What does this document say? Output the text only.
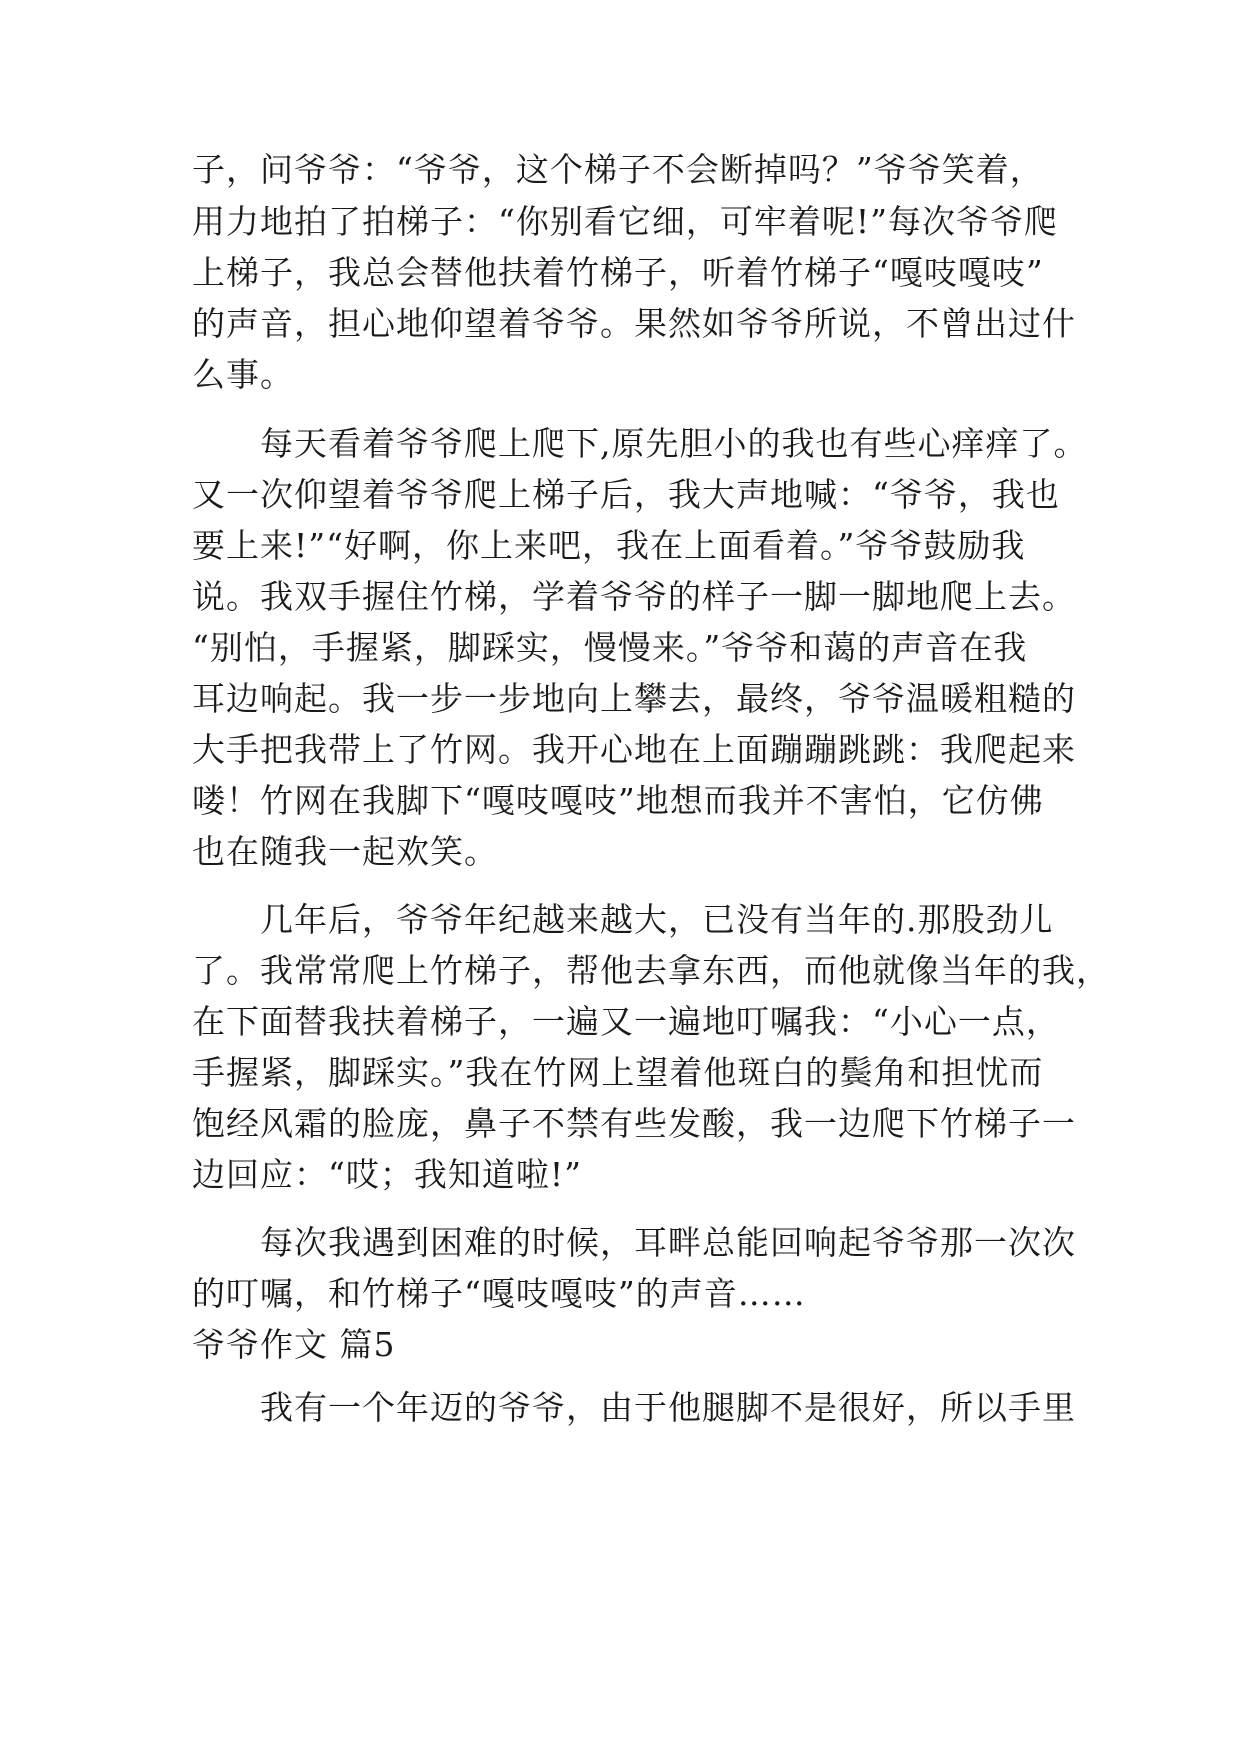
子，问爷爷：“爷爷，这个梯子不会断掉吗？”爷爷笑着，
用力地拍了拍梯子：“你别看它细，可牢着呢!”每次爷爷爬
上梯子，我总会替他扶着竹梯子，听着竹梯子“嘎吱嘎吱”
的声音，担心地仰望着爷爷。果然如爷爷所说，不曾出过什
么事。
　　每天看着爷爷爬上爬下,原先胆小的我也有些心痒痒了。
又一次仰望着爷爷爬上梯子后，我大声地喊：“爷爷，我也
要上来!”“好啊，你上来吧，我在上面看着。”爷爷鼓励我
说。我双手握住竹梯，学着爷爷的样子一脚一脚地爬上去。
“别怕，手握紧，脚踩实，慢慢来。”爷爷和蔼的声音在我
耳边响起。我一步一步地向上攀去，最终，爷爷温暖粗糙的
大手把我带上了竹网。我开心地在上面蹦蹦跳跳：我爬起来
喽！竹网在我脚下“嘎吱嘎吱”地想而我并不害怕，它仿佛
也在随我一起欢笑。
　　几年后，爷爷年纪越来越大，已没有当年的.那股劲儿
了。我常常爬上竹梯子，帮他去拿东西，而他就像当年的我，
在下面替我扶着梯子，一遍又一遍地叮嘱我：“小心一点，
手握紧，脚踩实。”我在竹网上望着他斑白的鬓角和担忧而
饱经风霜的脸庞，鼻子不禁有些发酸，我一边爬下竹梯子一
边回应：“哎；我知道啦!”
　　每次我遇到困难的时候，耳畔总能回响起爷爷那一次次
的叮嘱，和竹梯子“嘎吱嘎吱”的声音……
爷爷作文 篇5
　　我有一个年迈的爷爷，由于他腿脚不是很好，所以手里
